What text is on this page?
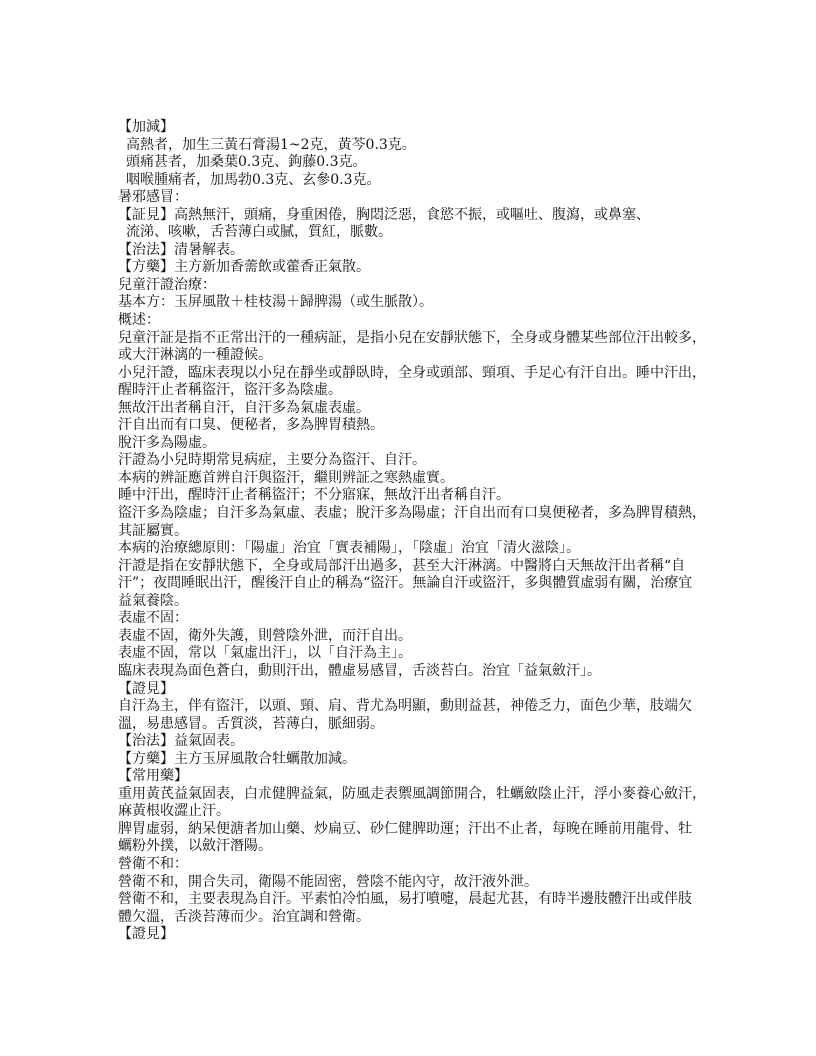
【加減】
高熱者，加生三黃石膏湯1~2克，黃芩0.3克。
頭痛甚者，加桑葉0.3克、鉤藤0.3克。
咽喉腫痛者，加馬勃0.3克、玄參0.3克。
暑邪感冒：
【証見】高熱無汗，頭痛，身重困倦，胸悶泛惡，食慾不振，或嘔吐、腹瀉，或鼻塞、
流涕、咳嗽，舌苔薄白或膩，質紅，脈數。
【治法】清暑解表。
【方藥】主方新加香薷飲或藿香正氣散。
兒童汗證治療：
基本方：玉屏風散＋桂枝湯＋歸脾湯（或生脈散）。
概述：
兒童汗証是指不正常出汗的一種病証，是指小兒在安靜狀態下，全身或身體某些部位汗出較多，
或大汗淋漓的一種證候。
小兒汗證，臨床表現以小兒在靜坐或靜臥時，全身或頭部、頸項、手足心有汗自出。睡中汗出，
醒時汗止者稱盜汗，盜汗多為陰虛。
無故汗出者稱自汗，自汗多為氣虛表虛。
汗自出而有口臭、便秘者，多為脾胃積熱。
脫汗多為陽虛。
汗證為小兒時期常見病症，主要分為盜汗、自汗。
本病的辨証應首辨自汗與盜汗，繼則辨証之寒熱虛實。
睡中汗出，醒時汗止者稱盜汗；不分寤寐，無故汗出者稱自汗。
盜汗多為陰虛；自汗多為氣虛、表虛；脫汗多為陽虛；汗自出而有口臭便秘者，多為脾胃積熱，
其証屬實。
本病的治療總原則：「陽虛」治宜「實表補陽」，「陰虛」治宜「清火滋陰」。
汗證是指在安靜狀態下，全身或局部汗出過多，甚至大汗淋漓。中醫將白天無故汗出者稱“自
汗”；夜間睡眠出汗，醒後汗自止的稱為“盜汗。無論自汗或盜汗，多與體質虛弱有關，治療宜
益氣養陰。
表虛不固：
表虛不固，衛外失護，則營陰外泄，而汗自出。
表虛不固，常以「氣虛出汗」，以「自汗為主」。
臨床表現為面色蒼白，動則汗出，體虛易感冒，舌淡苔白。治宜「益氣斂汗」。
【證見】
自汗為主，伴有盜汗，以頭、頸、肩、背尤為明顯，動則益甚，神倦乏力，面色少華，肢端欠
溫，易患感冒。舌質淡，苔薄白，脈細弱。
【治法】益氣固表。
【方藥】主方玉屏風散合牡蠣散加減。
【常用藥】
重用黃芪益氣固表，白朮健脾益氣，防風走表禦風調節開合，牡蠣斂陰止汗，浮小麥養心斂汗，
麻黃根收澀止汗。
脾胃虛弱，納呆便溏者加山藥、炒扁豆、砂仁健脾助運；汗出不止者，每晚在睡前用龍骨、牡
蠣粉外撲，以斂汗潛陽。
營衛不和：
營衛不和，開合失司，衛陽不能固密，營陰不能內守，故汗液外泄。
營衛不和，主要表現為自汗。平素怕冷怕風，易打噴嚏，晨起尤甚，有時半邊肢體汗出或伴肢
體欠溫，舌淡苔薄而少。治宜調和營衛。
【證見】
